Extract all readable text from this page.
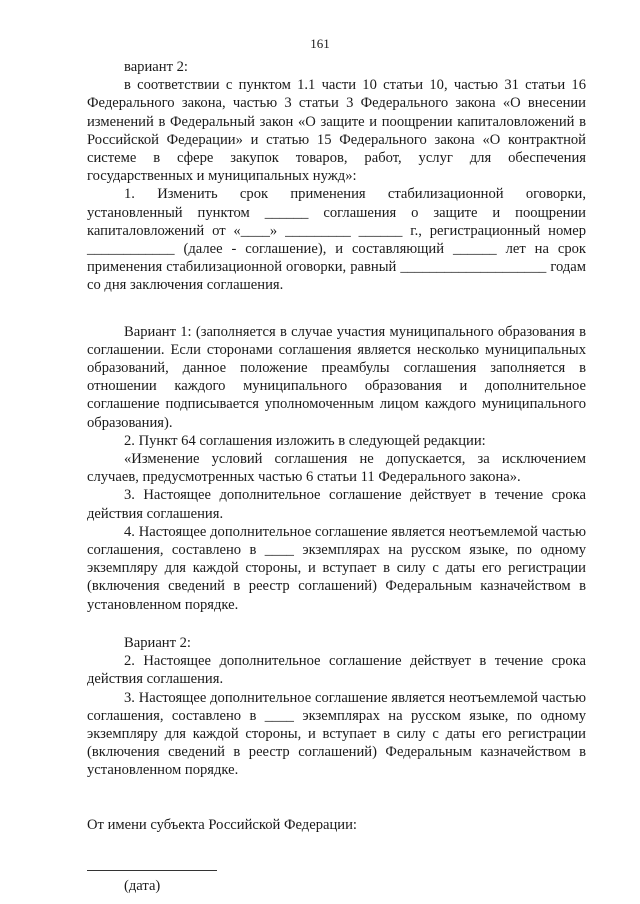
161

вариант 2:

в соответствии с пунктом 1.1 части 10 статьи 10, частью 31 статьи 16 Федерального закона, частью 3 статьи 3 Федерального закона «О внесении изменений в Федеральный закон «О защите и поощрении капиталовложений в Российской Федерации» и статью 15 Федерального закона «О контрактной системе в сфере закупок товаров, работ, услуг для обеспечения государственных и муниципальных нужд»:

1. Изменить срок применения стабилизационной оговорки, установленный пунктом ______ соглашения о защите и поощрении капиталовложений от «____» _________ ______ г., регистрационный номер ____________ (далее - соглашение), и составляющий ______ лет на срок применения стабилизационной оговорки, равный ____________________ годам со дня заключения соглашения.

Вариант 1: (заполняется в случае участия муниципального образования в соглашении. Если сторонами соглашения является несколько муниципальных образований, данное положение преамбулы соглашения заполняется в отношении каждого муниципального образования и дополнительное соглашение подписывается уполномоченным лицом каждого муниципального образования).

2. Пункт 64 соглашения изложить в следующей редакции:

«Изменение условий соглашения не допускается, за исключением случаев, предусмотренных частью 6 статьи 11 Федерального закона».

3. Настоящее дополнительное соглашение действует в течение срока действия соглашения.

4. Настоящее дополнительное соглашение является неотъемлемой частью соглашения, составлено в ____ экземплярах на русском языке, по одному экземпляру для каждой стороны, и вступает в силу с даты его регистрации (включения сведений в реестр соглашений) Федеральным казначейством в установленном порядке.

Вариант 2:

2. Настоящее дополнительное соглашение действует в течение срока действия соглашения.

3. Настоящее дополнительное соглашение является неотъемлемой частью соглашения, составлено в ____ экземплярах на русском языке, по одному экземпляру для каждой стороны, и вступает в силу с даты его регистрации (включения сведений в реестр соглашений) Федеральным казначейством в установленном порядке.

От имени субъекта Российской Федерации:

(дата)
